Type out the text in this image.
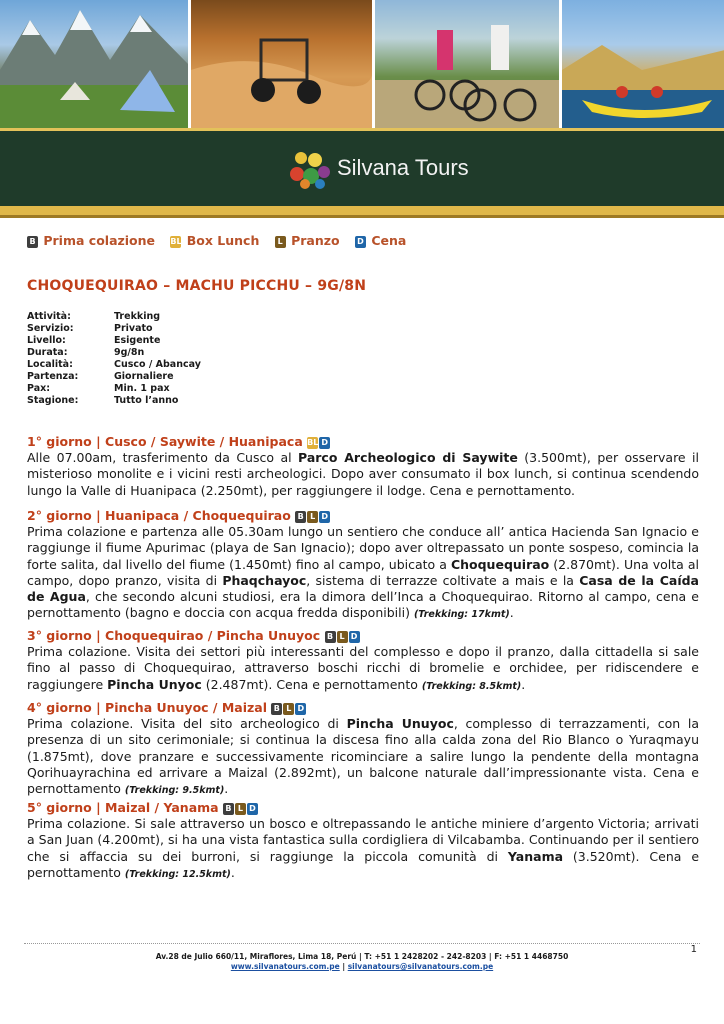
Silvana Tours
B Prima colazione BL Box Lunch L Pranzo D Cena
CHOQUEQUIRAO – MACHU PICCHU – 9G/8N
Attività:	Trekking
Servizio:	Privato
Livello:	Esigente
Durata:	9g/8n
Località:	Cusco / Abancay
Partenza:	Giornaliere
Pax:	Min. 1 pax
Stagione:	Tutto l’anno
1° giorno | Cusco / Saywite / Huanipaca BL D

Alle 07.00am, trasferimento da Cusco al Parco Archeologico di Saywite (3.500mt), per osservare il misterioso monolite e i vicini resti archeologici. Dopo aver consumato il box lunch, si continua scendendo lungo la Valle di Huanipaca (2.250mt), per raggiungere il lodge. Cena e pernottamento.

2° giorno | Huanipaca / Choquequirao B L D

Prima colazione e partenza alle 05.30am lungo un sentiero che conduce all’ antica Hacienda San Ignacio e raggiunge il fiume Apurimac (playa de San Ignacio); dopo aver oltrepassato un ponte sospeso, comincia la forte salita, dal livello del fiume (1.450mt) fino al campo, ubicato a Choquequirao (2.870mt). Una volta al campo, dopo pranzo, visita di Phaqchayoc, sistema di terrazze coltivate a mais e la Casa de la Caída de Agua, che secondo alcuni studiosi, era la dimora dell’Inca a Choquequirao. Ritorno al campo, cena e pernottamento (bagno e doccia con acqua fredda disponibili) (Trekking: 17kmt).

3° giorno | Choquequirao / Pincha Unuyoc B L D

Prima colazione. Visita dei settori più interessanti del complesso e dopo il pranzo, dalla cittadella si sale fino al passo di Choquequirao, attraverso boschi ricchi di bromelie e orchidee, per ridiscendere e raggiungere Pincha Unyoc (2.487mt). Cena e pernottamento (Trekking: 8.5kmt).

4° giorno | Pincha Unuyoc / Maizal B L D

Prima colazione. Visita del sito archeologico di Pincha Unuyoc, complesso di terrazzamenti, con la presenza di un sito cerimoniale; si continua la discesa fino alla calda zona del Rio Blanco o Yuraqmayu (1.875mt), dove pranzare e successivamente ricominciare a salire lungo la pendente della montagna Qorihuayrachina ed arrivare a Maizal (2.892mt), un balcone naturale dall’impressionante vista. Cena e pernottamento (Trekking: 9.5kmt).

5° giorno | Maizal / Yanama B L D

Prima colazione. Si sale attraverso un bosco e oltrepassando le antiche miniere d’argento Victoria; arrivati a San Juan (4.200mt), si ha una vista fantastica sulla cordigliera di Vilcabamba. Continuando per il sentiero che si affaccia su dei burroni, si raggiunge la piccola comunità di Yanama (3.520mt). Cena e pernottamento (Trekking: 12.5kmt).

1
Av.28 de Julio 660/11, Miraflores, Lima 18, Perú | T: +51 1 2428202 - 242-8203 | F: +51 1 4468750
www.silvanatours.com.pe | silvanatours@silvanatours.com.pe
